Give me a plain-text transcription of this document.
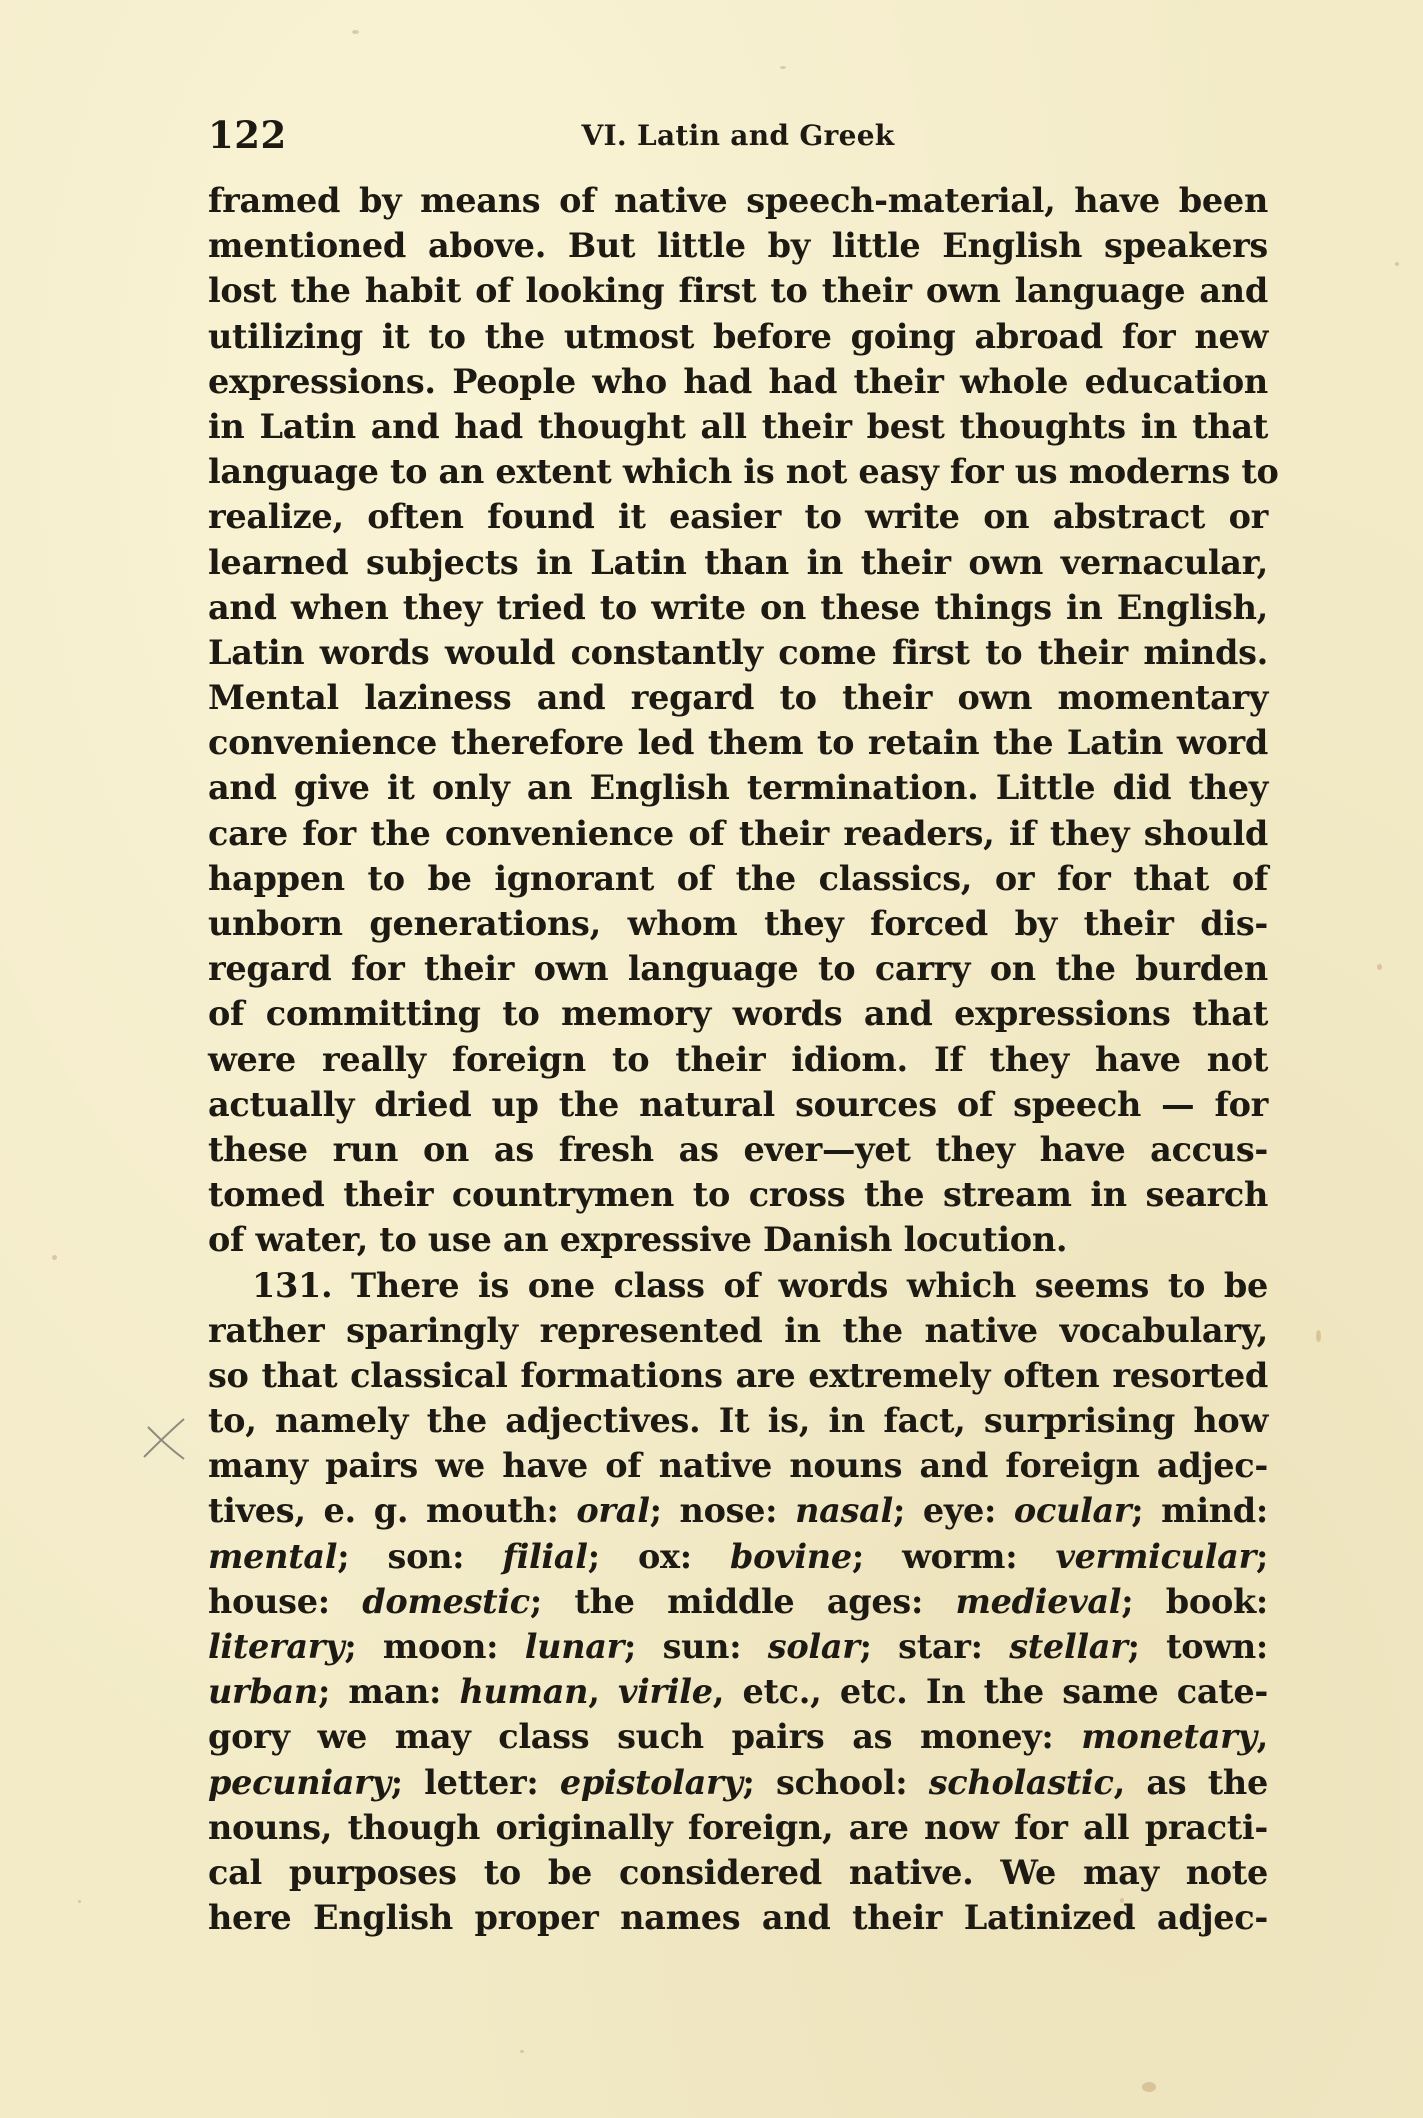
122	VI. Latin and Greek
framed by means of native speech-material, have been
mentioned above. But little by little English speakers
lost the habit of looking first to their own language and
utilizing it to the utmost before going abroad for new
expressions. People who had had their whole education
in Latin and had thought all their best thoughts in that
language to an extent which is not easy for us moderns to
realize, often found it easier to write on abstract or
learned subjects in Latin than in their own vernacular,
and when they tried to write on these things in English,
Latin words would constantly come first to their minds.
Mental laziness and regard to their own momentary
convenience therefore led them to retain the Latin word
and give it only an English termination. Little did they
care for the convenience of their readers, if they should
happen to be ignorant of the classics, or for that of
unborn generations, whom they forced by their dis-
regard for their own language to carry on the burden
of committing to memory words and expressions that
were really foreign to their idiom. If they have not
actually dried up the natural sources of speech — for
these run on as fresh as ever—yet they have accus-
tomed their countrymen to cross the stream in search
of water, to use an expressive Danish locution.
131. There is one class of words which seems to be
rather sparingly represented in the native vocabulary,
so that classical formations are extremely often resorted
to, namely the adjectives. It is, in fact, surprising how
many pairs we have of native nouns and foreign adjec-
tives, e. g. mouth: oral; nose: nasal; eye: ocular; mind:
mental; son: filial; ox: bovine; worm: vermicular;
house: domestic; the middle ages: medieval; book:
literary; moon: lunar; sun: solar; star: stellar; town:
urban; man: human, virile, etc., etc. In the same cate-
gory we may class such pairs as money: monetary,
pecuniary; letter: epistolary; school: scholastic, as the
nouns, though originally foreign, are now for all practi-
cal purposes to be considered native. We may note
here English proper names and their Latinized adjec-
